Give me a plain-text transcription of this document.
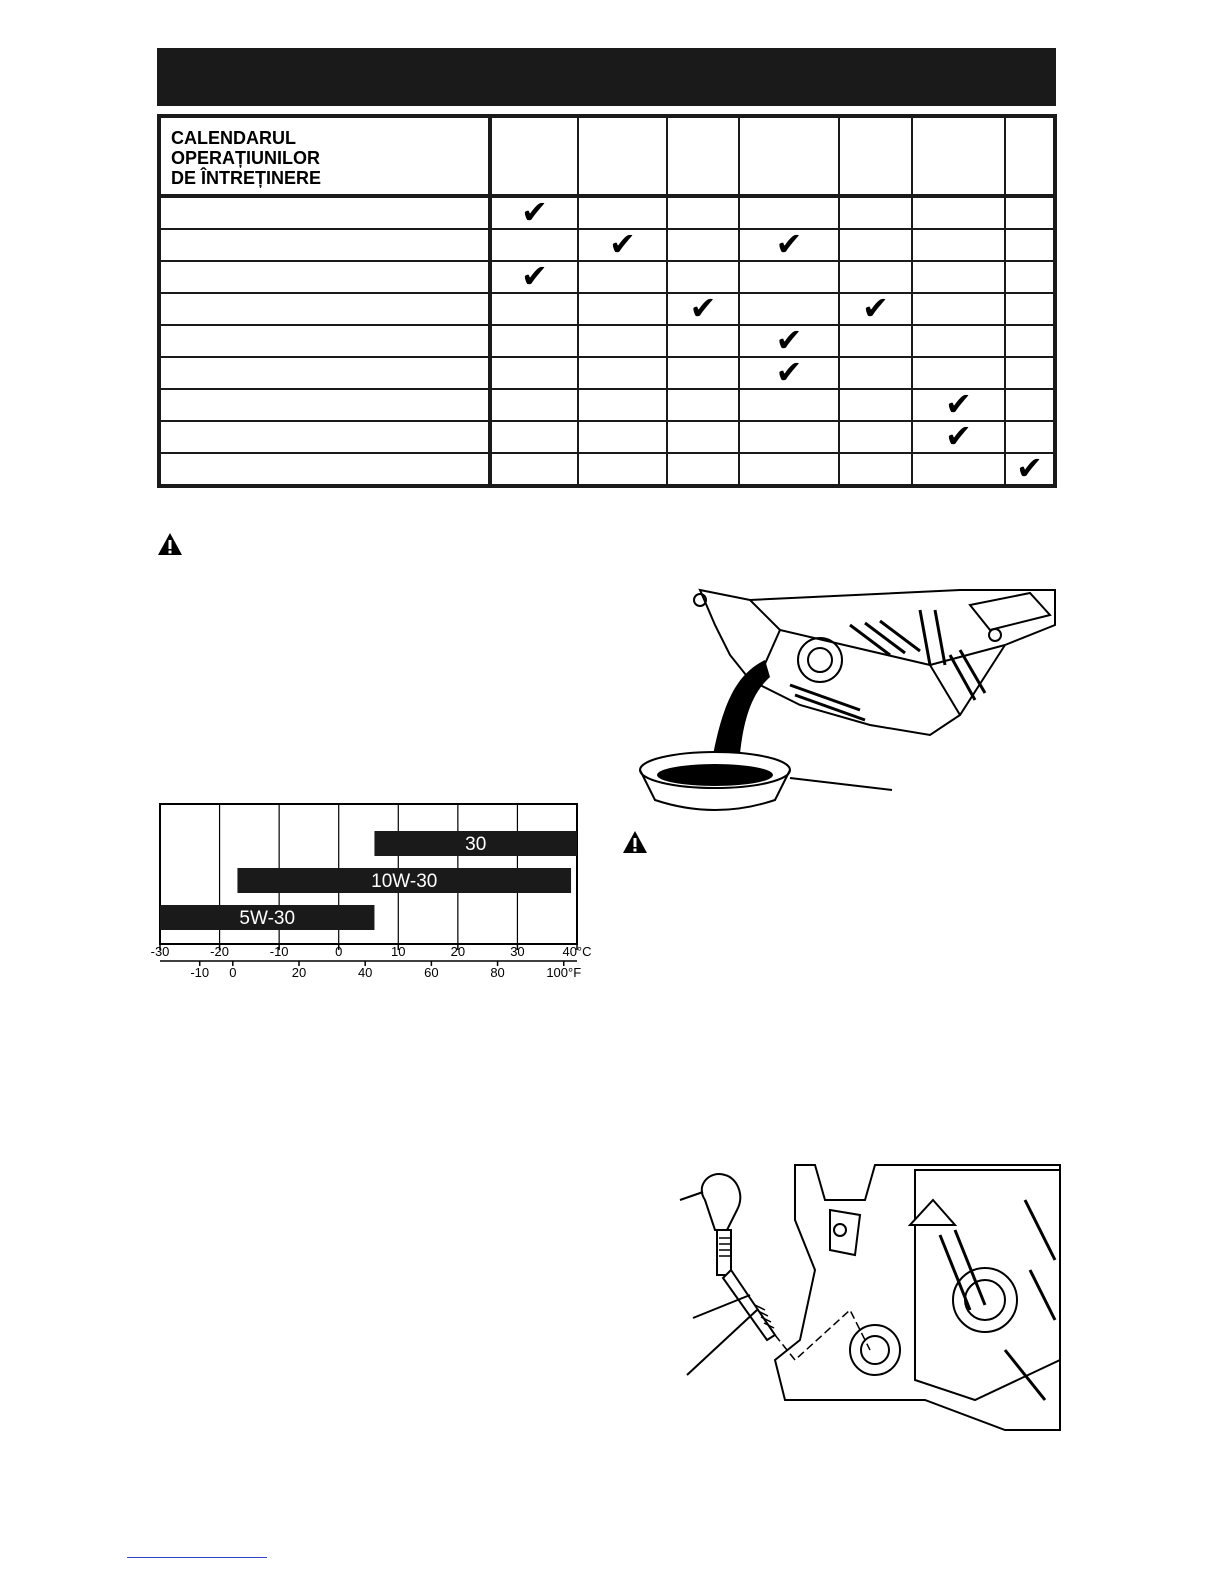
CALENDARUL
OPERAȚIUNILOR
DE ÎNTREȚINERE							

	✔						
		✔		✔			
	✔						
			✔		✔		
				✔			
				✔			
						✔	
						✔	
							✔
30
10W-30
5W-30
-30	-20	-10	0	10	20	30	40°C
-10 0	20	40	60	80	100°F
